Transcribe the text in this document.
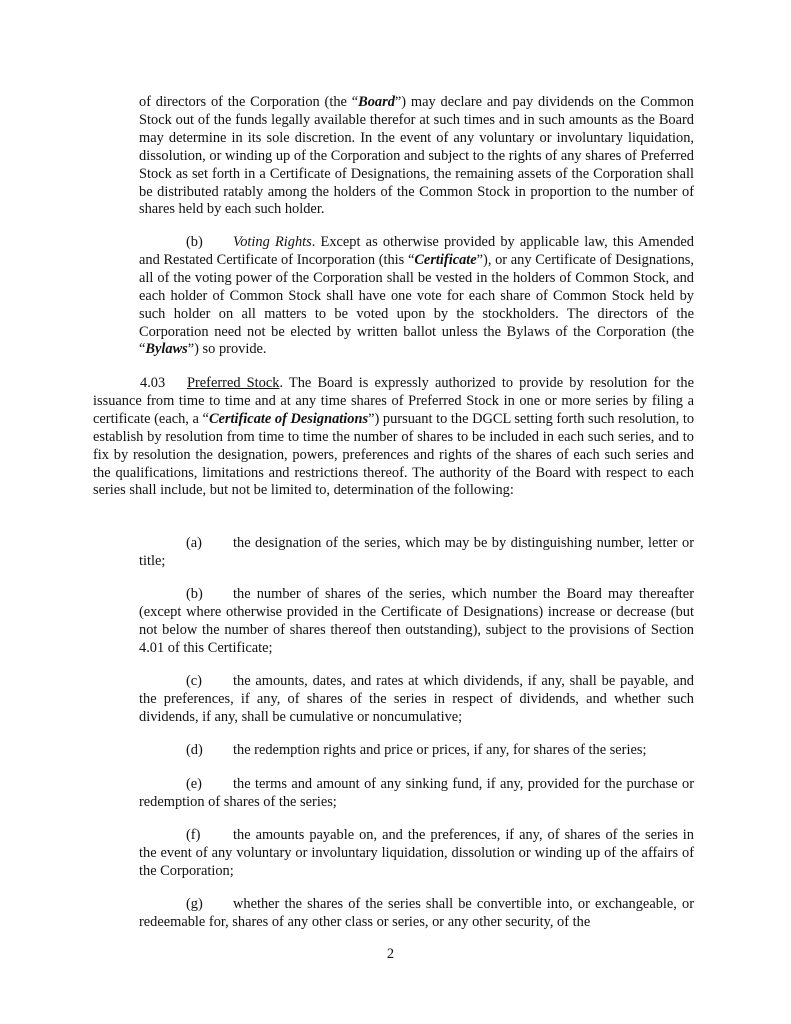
of directors of the Corporation (the “Board”) may declare and pay dividends on the Common Stock out of the funds legally available therefor at such times and in such amounts as the Board may determine in its sole discretion. In the event of any voluntary or involuntary liquidation, dissolution, or winding up of the Corporation and subject to the rights of any shares of Preferred Stock as set forth in a Certificate of Designations, the remaining assets of the Corporation shall be distributed ratably among the holders of the Common Stock in proportion to the number of shares held by each such holder.

(b) Voting Rights. Except as otherwise provided by applicable law, this Amended and Restated Certificate of Incorporation (this “Certificate”), or any Certificate of Designations, all of the voting power of the Corporation shall be vested in the holders of Common Stock, and each holder of Common Stock shall have one vote for each share of Common Stock held by such holder on all matters to be voted upon by the stockholders. The directors of the Corporation need not be elected by written ballot unless the Bylaws of the Corporation (the “Bylaws”) so provide.

4.03 Preferred Stock. The Board is expressly authorized to provide by resolution for the issuance from time to time and at any time shares of Preferred Stock in one or more series by filing a certificate (each, a “Certificate of Designations”) pursuant to the DGCL setting forth such resolution, to establish by resolution from time to time the number of shares to be included in each such series, and to fix by resolution the designation, powers, preferences and rights of the shares of each such series and the qualifications, limitations and restrictions thereof. The authority of the Board with respect to each series shall include, but not be limited to, determination of the following:

(a) the designation of the series, which may be by distinguishing number, letter or title;

(b) the number of shares of the series, which number the Board may thereafter (except where otherwise provided in the Certificate of Designations) increase or decrease (but not below the number of shares thereof then outstanding), subject to the provisions of Section 4.01 of this Certificate;

(c) the amounts, dates, and rates at which dividends, if any, shall be payable, and the preferences, if any, of shares of the series in respect of dividends, and whether such dividends, if any, shall be cumulative or noncumulative;

(d) the redemption rights and price or prices, if any, for shares of the series;

(e) the terms and amount of any sinking fund, if any, provided for the purchase or redemption of shares of the series;

(f) the amounts payable on, and the preferences, if any, of shares of the series in the event of any voluntary or involuntary liquidation, dissolution or winding up of the affairs of the Corporation;

(g) whether the shares of the series shall be convertible into, or exchangeable, or redeemable for, shares of any other class or series, or any other security, of the

2
